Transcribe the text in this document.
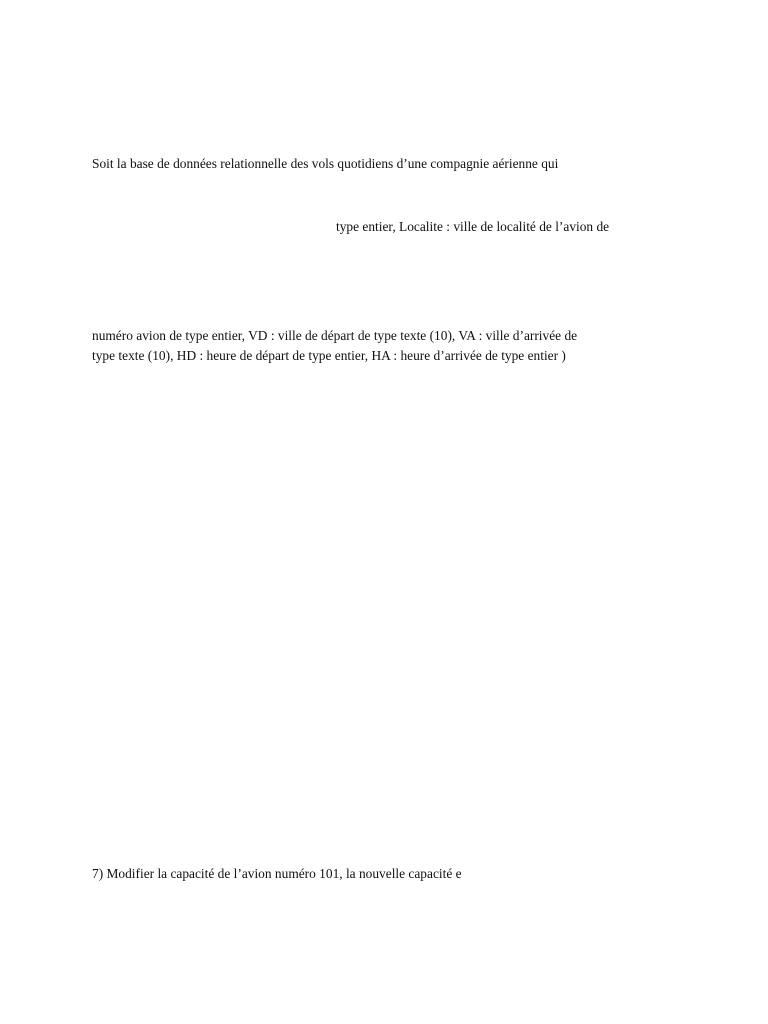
Soit la base de données relationnelle des vols quotidiens d’une compagnie aérienne qui
type entier, Localite : ville de localité de l’avion de
numéro avion de type entier, VD : ville de départ de type texte (10), VA : ville d’arrivée de
type texte (10), HD : heure de départ de type entier, HA : heure d’arrivée de type entier )
7) Modifier la capacité de l’avion numéro 101, la nouvelle capacité e
